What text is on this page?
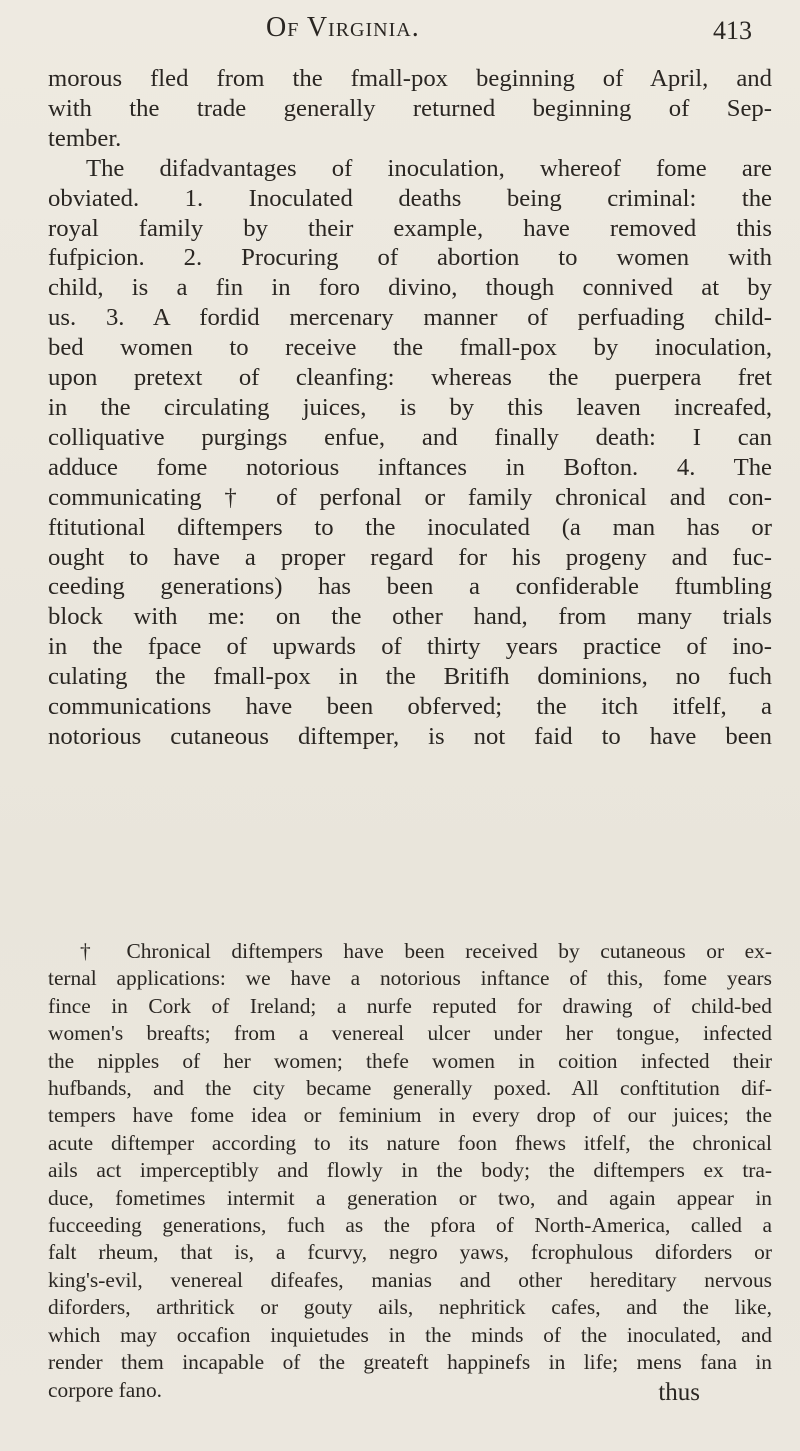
Of Virginia.	413
morous fled from the fmall-pox beginning of April, and
with the trade generally returned beginning of Sep-
tember.
The difadvantages of inoculation, whereof fome are
obviated. 1. Inoculated deaths being criminal: the
royal family by their example, have removed this
fufpicion. 2. Procuring of abortion to women with
child, is a fin in foro divino, though connived at by
us. 3. A fordid mercenary manner of perfuading child-
bed women to receive the fmall-pox by inoculation,
upon pretext of cleanfing: whereas the puerpera fret
in the circulating juices, is by this leaven increafed,
colliquative purgings enfue, and finally death: I can
adduce fome notorious inftances in Bofton. 4. The
communicating † of perfonal or family chronical and con-
ftitutional diftempers to the inoculated (a man has or
ought to have a proper regard for his progeny and fuc-
ceeding generations) has been a confiderable ftumbling
block with me: on the other hand, from many trials
in the fpace of upwards of thirty years practice of ino-
culating the fmall-pox in the Britifh dominions, no fuch
communications have been obferved; the itch itfelf, a
notorious cutaneous diftemper, is not faid to have been
† Chronical diftempers have been received by cutaneous or ex-
ternal applications: we have a notorious inftance of this, fome years
fince in Cork of Ireland; a nurfe reputed for drawing of child-bed
women's breafts; from a venereal ulcer under her tongue, infected
the nipples of her women; thefe women in coition infected their
hufbands, and the city became generally poxed. All conftitution dif-
tempers have fome idea or feminium in every drop of our juices; the
acute diftemper according to its nature foon fhews itfelf, the chronical
ails act imperceptibly and flowly in the body; the diftempers ex tra-
duce, fometimes intermit a generation or two, and again appear in
fucceeding generations, fuch as the pfora of North-America, called a
falt rheum, that is, a fcurvy, negro yaws, fcrophulous diforders or
king's-evil, venereal difeafes, manias and other hereditary nervous
diforders, arthritick or gouty ails, nephritick cafes, and the like,
which may occafion inquietudes in the minds of the inoculated, and
render them incapable of the greateft happinefs in life; mens fana in
corpore fano.	thus
